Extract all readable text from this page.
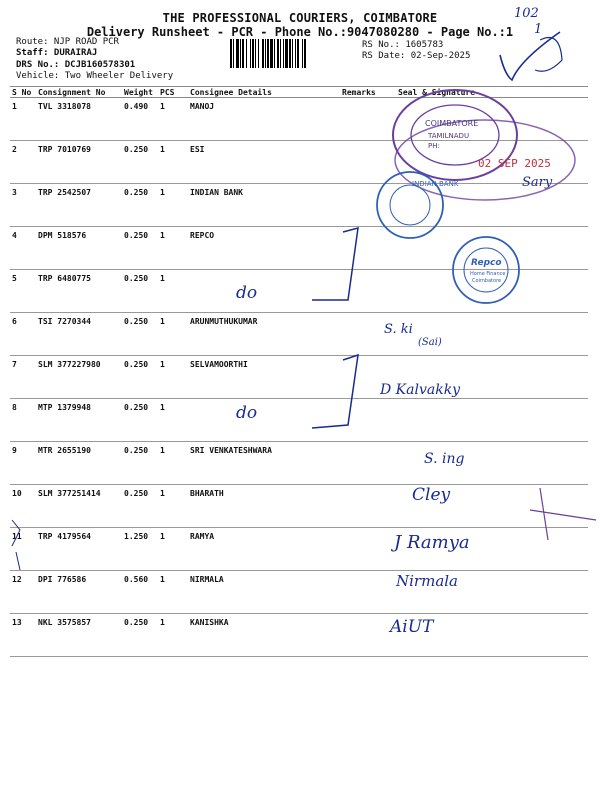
THE PROFESSIONAL COURIERS, COIMBATORE
Delivery Runsheet - PCR - Phone No.:9047080280 - Page No.:1
Route: NJP ROAD PCR
Staff: DURAIRAJ
DRS No.: DCJB160578301
Vehicle: Two Wheeler Delivery
RS No.: 1605783
RS Date: 02-Sep-2025
102
1
S No	Consignment No	Weight	PCS	Consignee Details	Remarks	Seal & Signature
1	TVL 3318078	0.490	1	MANOJ		
2	TRP 7010769	0.250	1	ESI		
3	TRP 2542507	0.250	1	INDIAN BANK		
4	DPM 518576	0.250	1	REPCO		
5	TRP 6480775	0.250	1			
6	TSI 7270344	0.250	1	ARUNMUTHUKUMAR		
7	SLM 377227980	0.250	1	SELVAMOORTHI		
8	MTP 1379948	0.250	1			
9	MTR 2655190	0.250	1	SRI VENKATESHWARA		
10	SLM 377251414	0.250	1	BHARATH		
11	TRP 4179564	1.250	1	RAMYA		
12	DPI 776586	0.560	1	NIRMALA		
13	NKL 3575857	0.250	1	KANISHKA		
COIMBATORE
TAMILNADU
PH:
02 SEP 2025
Sary
INDIAN BANK
Repco
Home Finance
Coimbatore
do
do
S. ki
(Sai)
D Kalvakky
S. ing
Cley
J Ramya
Nirmala
AiUT
